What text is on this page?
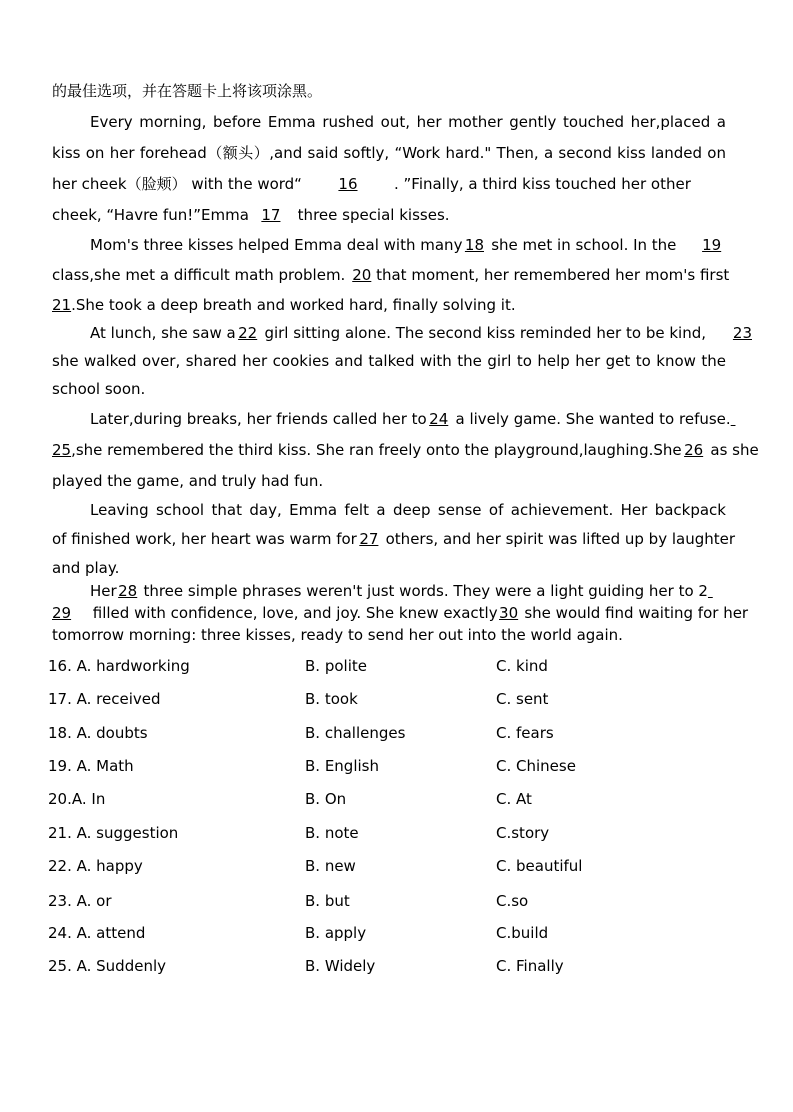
的最佳选项，并在答题卡上将该项涂黑。
Every morning, before Emma rushed out, her mother gently touched her,placed a
kiss on her forehead（额头）,and said softly, “Work hard." Then, a second kiss landed on
her cheek（脸颊） with the word“ 16 . ”Finally, a third kiss touched her other
cheek, “Havre fun!”Emma 17 three special kisses.
Mom's three kisses helped Emma deal with many 18 she met in school. In the 19
class,she met a difficult math problem. 20 that moment, her remembered her mom's first
21.She took a deep breath and worked hard, finally solving it.
At lunch, she saw a 22 girl sitting alone. The second kiss reminded her to be kind, 23
she walked over, shared her cookies and talked with the girl to help her get to know the
school soon.
Later,during breaks, her friends called her to 24 a lively game. She wanted to refuse.
25,she remembered the third kiss. She ran freely onto the playground,laughing.She 26 as she
played the game, and truly had fun.
Leaving school that day, Emma felt a deep sense of achievement. Her backpack
of finished work, her heart was warm for 27 others, and her spirit was lifted up by laughter
and play.
Her28 three simple phrases weren't just words. They were a light guiding her to 2
29 filled with confidence, love, and joy. She knew exactly30 she would find waiting for her
tomorrow morning: three kisses, ready to send her out into the world again.
16. A. hardworking	B. polite	C. kind
17. A. received	B. took	C. sent
18. A. doubts	B. challenges	C. fears
19. A. Math	B. English	C. Chinese
20.A. In	B. On	C. At
21. A. suggestion	B. note	C.story
22. A. happy	B. new	C. beautiful
23. A. or	B. but	C.so
24. A. attend	B. apply	C.build
25. A. Suddenly	B. Widely	C. Finally
